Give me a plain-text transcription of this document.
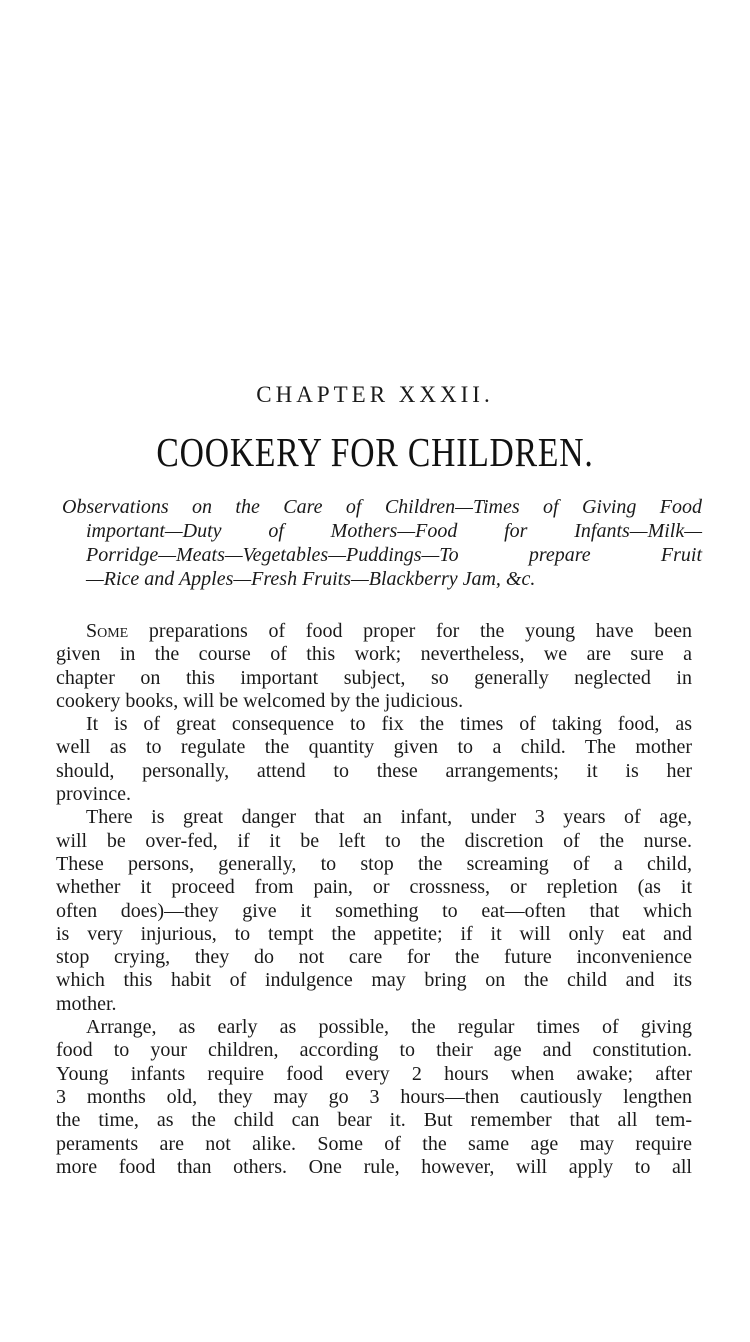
CHAPTER XXXII.
COOKERY FOR CHILDREN.
Observations on the Care of Children—Times of Giving Food
important—Duty of Mothers—Food for Infants—Milk—
Porridge—Meats—Vegetables—Puddings—To prepare Fruit
—Rice and Apples—Fresh Fruits—Blackberry Jam, &c.
Some preparations of food proper for the young have been
given in the course of this work; nevertheless, we are sure a
chapter on this important subject, so generally neglected in
cookery books, will be welcomed by the judicious.
It is of great consequence to fix the times of taking food, as
well as to regulate the quantity given to a child. The mother
should, personally, attend to these arrangements; it is her
province.
There is great danger that an infant, under 3 years of age,
will be over-fed, if it be left to the discretion of the nurse.
These persons, generally, to stop the screaming of a child,
whether it proceed from pain, or crossness, or repletion (as it
often does)—they give it something to eat—often that which
is very injurious, to tempt the appetite; if it will only eat and
stop crying, they do not care for the future inconvenience
which this habit of indulgence may bring on the child and its
mother.
Arrange, as early as possible, the regular times of giving
food to your children, according to their age and constitution.
Young infants require food every 2 hours when awake; after
3 months old, they may go 3 hours—then cautiously lengthen
the time, as the child can bear it. But remember that all tem-
peraments are not alike. Some of the same age may require
more food than others. One rule, however, will apply to all
